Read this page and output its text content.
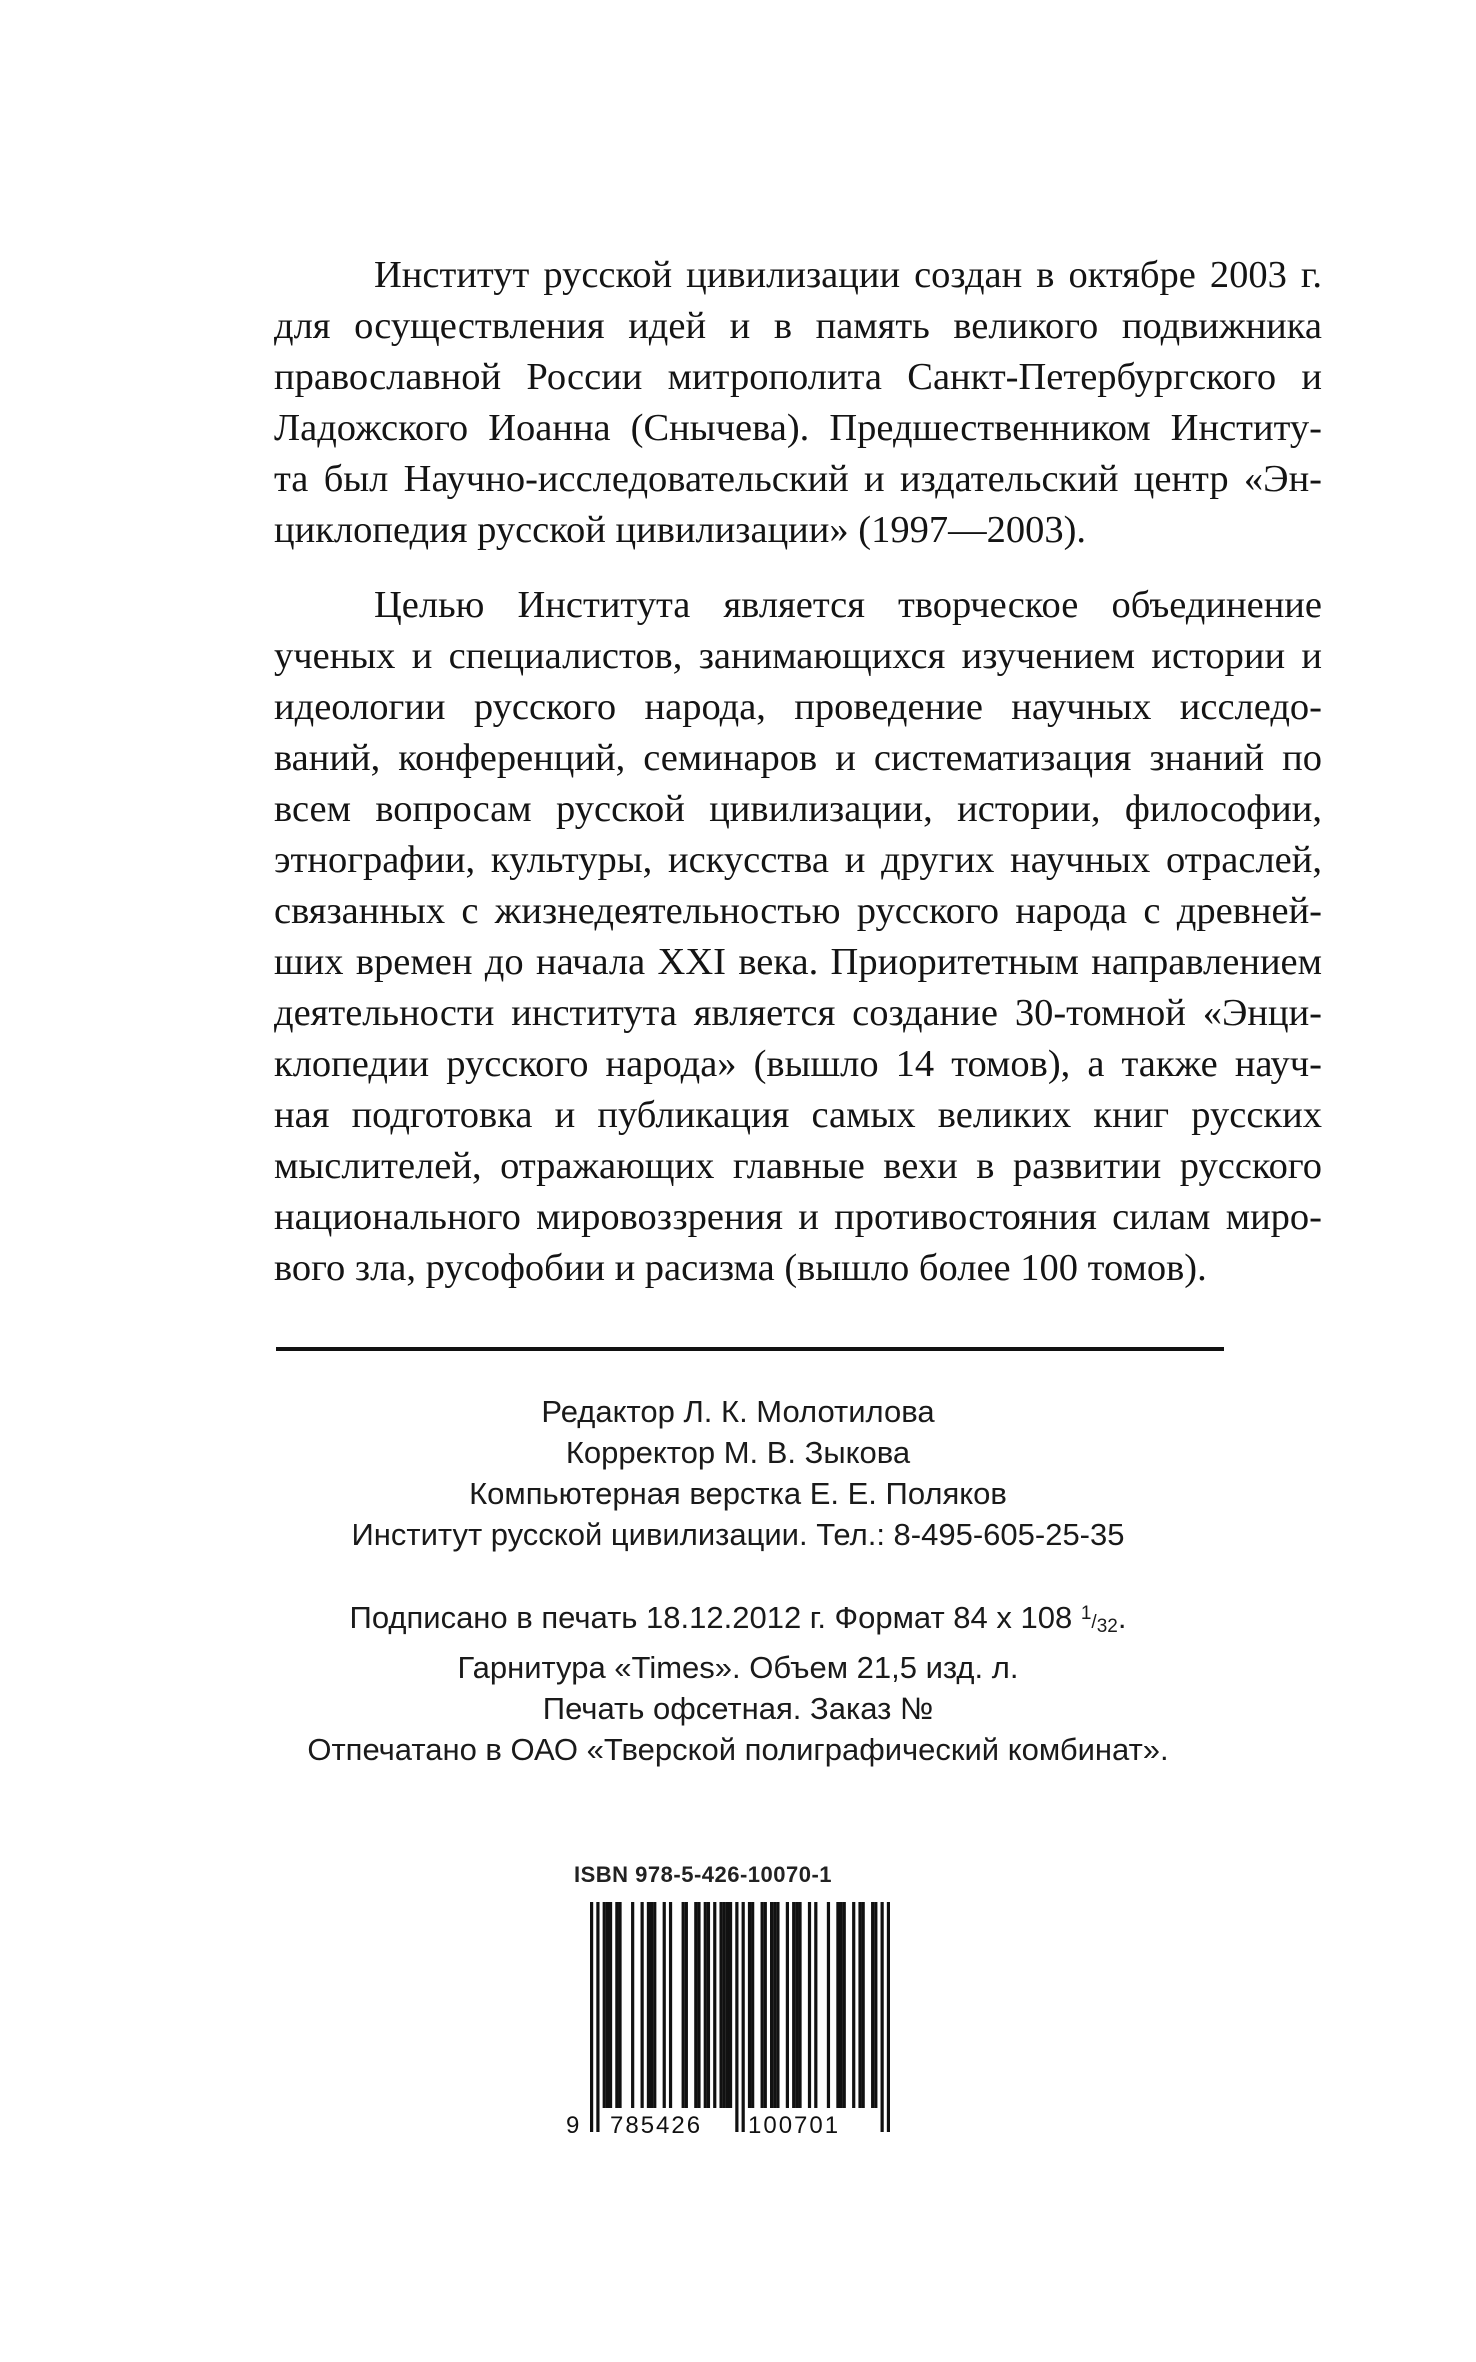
Институт русской цивилизации создан в октябре 2003 г. для осуществления идей и в память великого подвижника православной России митрополита Санкт-Петербургского и Ладожского Иоанна (Снычева). Предшественником Институ- та был Научно-исследовательский и издательский центр «Эн- циклопедия русской цивилизации» (1997—2003).

Целью Института является творческое объединение ученых и специалистов, занимающихся изучением истории и идеологии русского народа, проведение научных исследо- ваний, конференций, семинаров и систематизация знаний по всем вопросам русской цивилизации, истории, философии, этнографии, культуры, искусства и других научных отраслей, связанных с жизнедеятельностью русского народа с древней- ших времен до начала XXI века. Приоритетным направлением деятельности института является создание 30-томной «Энци- клопедии русского народа» (вышло 14 томов), а также науч- ная подготовка и публикация самых великих книг русских мыслителей, отражающих главные вехи в развитии русского национального мировоззрения и противостояния силам миро- вого зла, русофобии и расизма (вышло более 100 томов).

Редактор Л. К. Молотилова
Корректор М. В. Зыкова
Компьютерная верстка Е. Е. Поляков
Институт русской цивилизации. Тел.: 8-495-605-25-35
Подписано в печать 18.12.2012 г. Формат 84 х 108 $^1$/32.
Гарнитура «Times». Объем 21,5 изд. л.
Печать офсетная. Заказ №
Отпечатано в ОАО «Тверской полиграфический комбинат».
ISBN 978-5-426-10070-1
9 785426 100701
